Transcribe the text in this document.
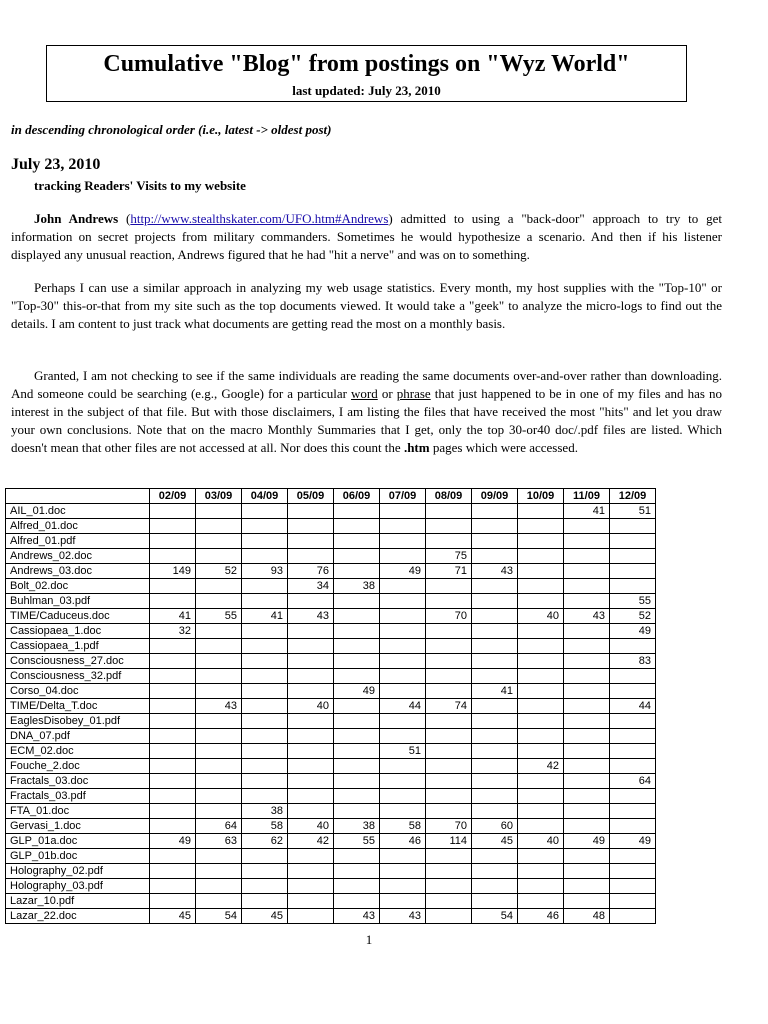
Cumulative "Blog" from postings on "Wyz World"
last updated: July 23, 2010
in descending chronological order (i.e., latest -> oldest post)
July 23, 2010
tracking Readers' Visits to my website
John Andrews (http://www.stealthskater.com/UFO.htm#Andrews) admitted to using a "back-door" approach to try to get information on secret projects from military commanders. Sometimes he would hypothesize a scenario. And then if his listener displayed any unusual reaction, Andrews figured that he had "hit a nerve" and was on to something.
Perhaps I can use a similar approach in analyzing my web usage statistics. Every month, my host supplies with the "Top-10" or "Top-30" this-or-that from my site such as the top documents viewed. It would take a "geek" to analyze the micro-logs to find out the details. I am content to just track what documents are getting read the most on a monthly basis.
Granted, I am not checking to see if the same individuals are reading the same documents over-and-over rather than downloading. And someone could be searching (e.g., Google) for a particular word or phrase that just happened to be in one of my files and has no interest in the subject of that file. But with those disclaimers, I am listing the files that have received the most "hits" and let you draw your own conclusions. Note that on the macro Monthly Summaries that I get, only the top 30-or40 doc/.pdf files are listed. Which doesn't mean that other files are not accessed at all. Nor does this count the .htm pages which were accessed.
	02/09	03/09	04/09	05/09	06/09	07/09	08/09	09/09	10/09	11/09	12/09
AIL_01.doc										41	51
Alfred_01.doc											
Alfred_01.pdf											
Andrews_02.doc							75				
Andrews_03.doc	149	52	93	76		49	71	43			
Bolt_02.doc				34	38						
Buhlman_03.pdf											55
TIME/Caduceus.doc	41	55	41	43			70		40	43	52
Cassiopaea_1.doc	32										49
Cassiopaea_1.pdf											
Consciousness_27.doc											83
Consciousness_32.pdf											
Corso_04.doc					49			41			
TIME/Delta_T.doc		43		40		44	74				44
EaglesDisobey_01.pdf											
DNA_07.pdf											
ECM_02.doc						51					
Fouche_2.doc									42		
Fractals_03.doc											64
Fractals_03.pdf											
FTA_01.doc			38								
Gervasi_1.doc		64	58	40	38	58	70	60			
GLP_01a.doc	49	63	62	42	55	46	114	45	40	49	49
GLP_01b.doc											
Holography_02.pdf											
Holography_03.pdf											
Lazar_10.pdf											
Lazar_22.doc	45	54	45		43	43		54	46	48	
1
